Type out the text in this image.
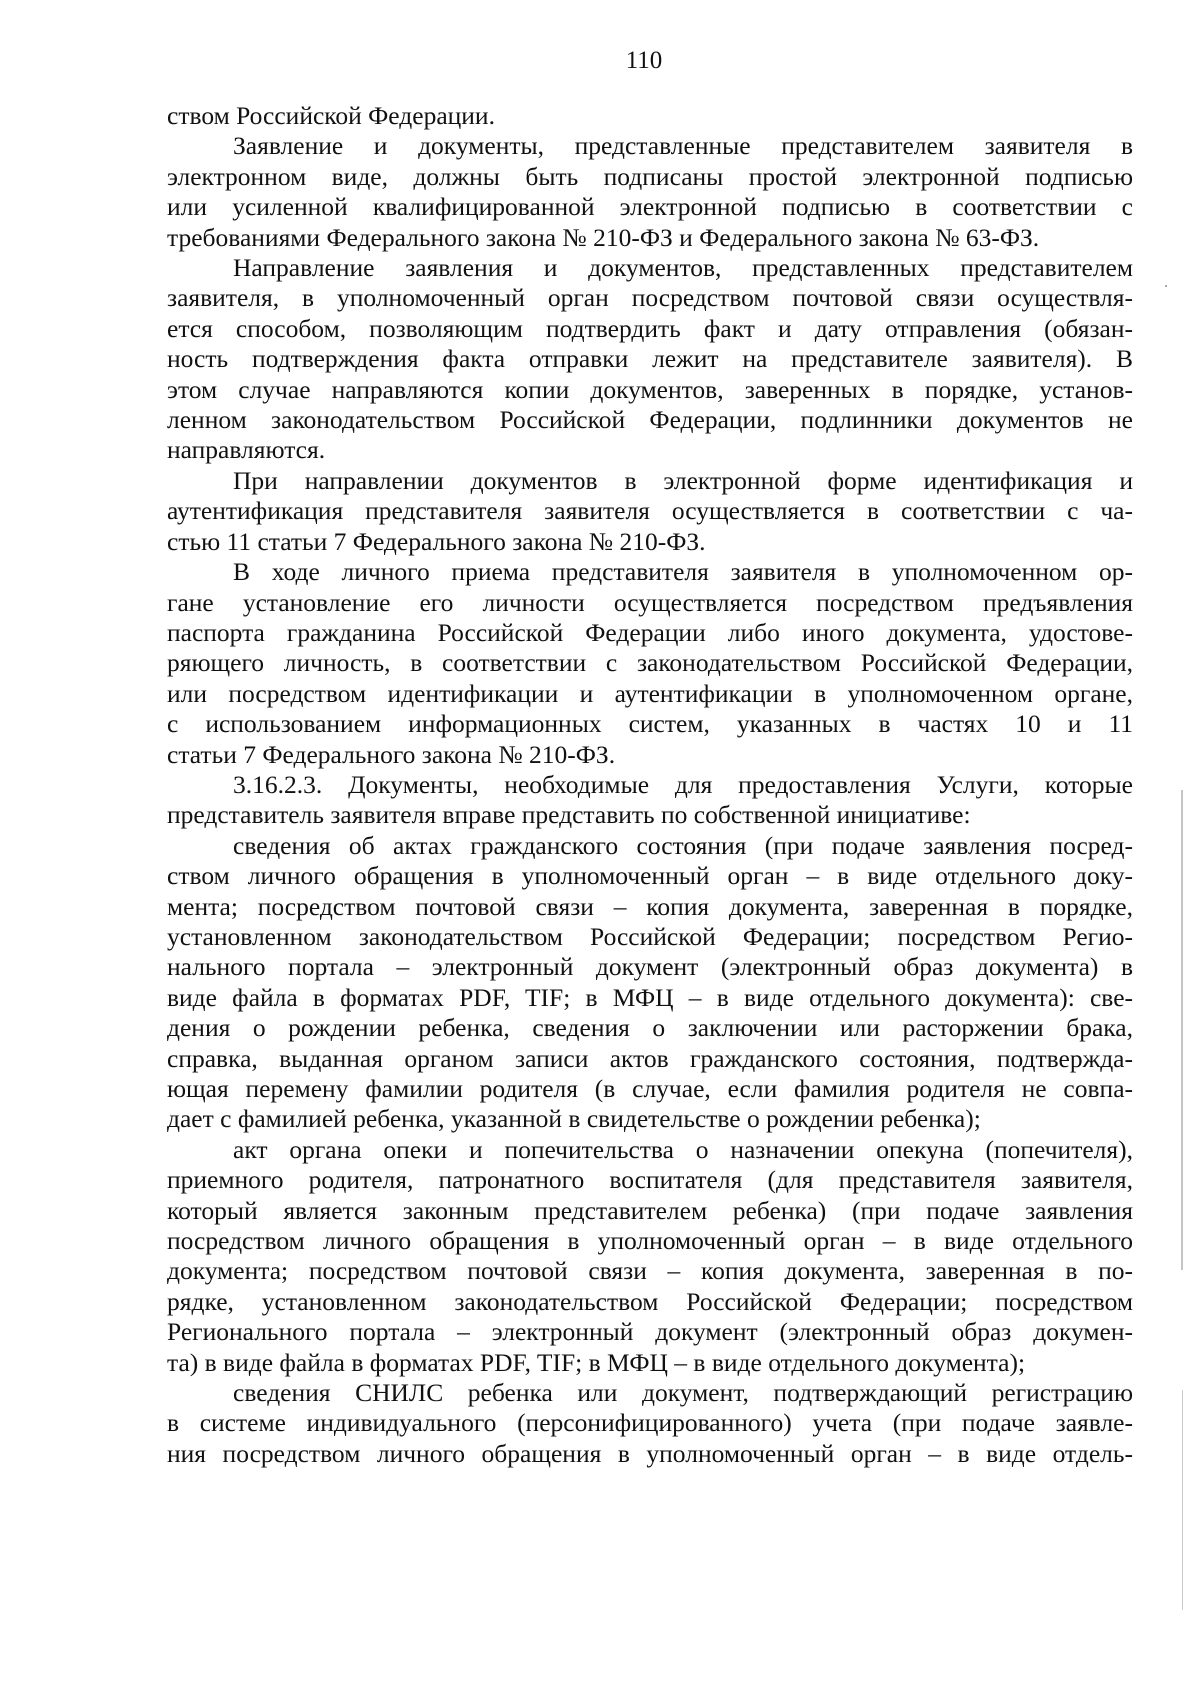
110
ством Российской Федерации.
Заявление и документы, представленные представителем заявителя в
электронном виде, должны быть подписаны простой электронной подписью
или усиленной квалифицированной электронной подписью в соответствии с
требованиями Федерального закона № 210-ФЗ и Федерального закона № 63-ФЗ.
Направление заявления и документов, представленных представителем
заявителя, в уполномоченный орган посредством почтовой связи осуществля-
ется способом, позволяющим подтвердить факт и дату отправления (обязан-
ность подтверждения факта отправки лежит на представителе заявителя). В
этом случае направляются копии документов, заверенных в порядке, установ-
ленном законодательством Российской Федерации, подлинники документов не
направляются.
При направлении документов в электронной форме идентификация и
аутентификация представителя заявителя осуществляется в соответствии с ча-
стью 11 статьи 7 Федерального закона № 210-ФЗ.
В ходе личного приема представителя заявителя в уполномоченном ор-
гане установление его личности осуществляется посредством предъявления
паспорта гражданина Российской Федерации либо иного документа, удостове-
ряющего личность, в соответствии с законодательством Российской Федерации,
или посредством идентификации и аутентификации в уполномоченном органе,
с использованием информационных систем, указанных в частях 10 и 11
статьи 7 Федерального закона № 210-ФЗ.
3.16.2.3. Документы, необходимые для предоставления Услуги, которые
представитель заявителя вправе представить по собственной инициативе:
сведения об актах гражданского состояния (при подаче заявления посред-
ством личного обращения в уполномоченный орган – в виде отдельного доку-
мента; посредством почтовой связи – копия документа, заверенная в порядке,
установленном законодательством Российской Федерации; посредством Регио-
нального портала – электронный документ (электронный образ документа) в
виде файла в форматах PDF, TIF; в МФЦ – в виде отдельного документа): све-
дения о рождении ребенка, сведения о заключении или расторжении брака,
справка, выданная органом записи актов гражданского состояния, подтвержда-
ющая перемену фамилии родителя (в случае, если фамилия родителя не совпа-
дает с фамилией ребенка, указанной в свидетельстве о рождении ребенка);
акт органа опеки и попечительства о назначении опекуна (попечителя),
приемного родителя, патронатного воспитателя (для представителя заявителя,
который является законным представителем ребенка) (при подаче заявления
посредством личного обращения в уполномоченный орган – в виде отдельного
документа; посредством почтовой связи – копия документа, заверенная в по-
рядке, установленном законодательством Российской Федерации; посредством
Регионального портала – электронный документ (электронный образ докумен-
та) в виде файла в форматах PDF, TIF; в МФЦ – в виде отдельного документа);
сведения СНИЛС ребенка или документ, подтверждающий регистрацию
в системе индивидуального (персонифицированного) учета (при подаче заявле-
ния посредством личного обращения в уполномоченный орган – в виде отдель-
